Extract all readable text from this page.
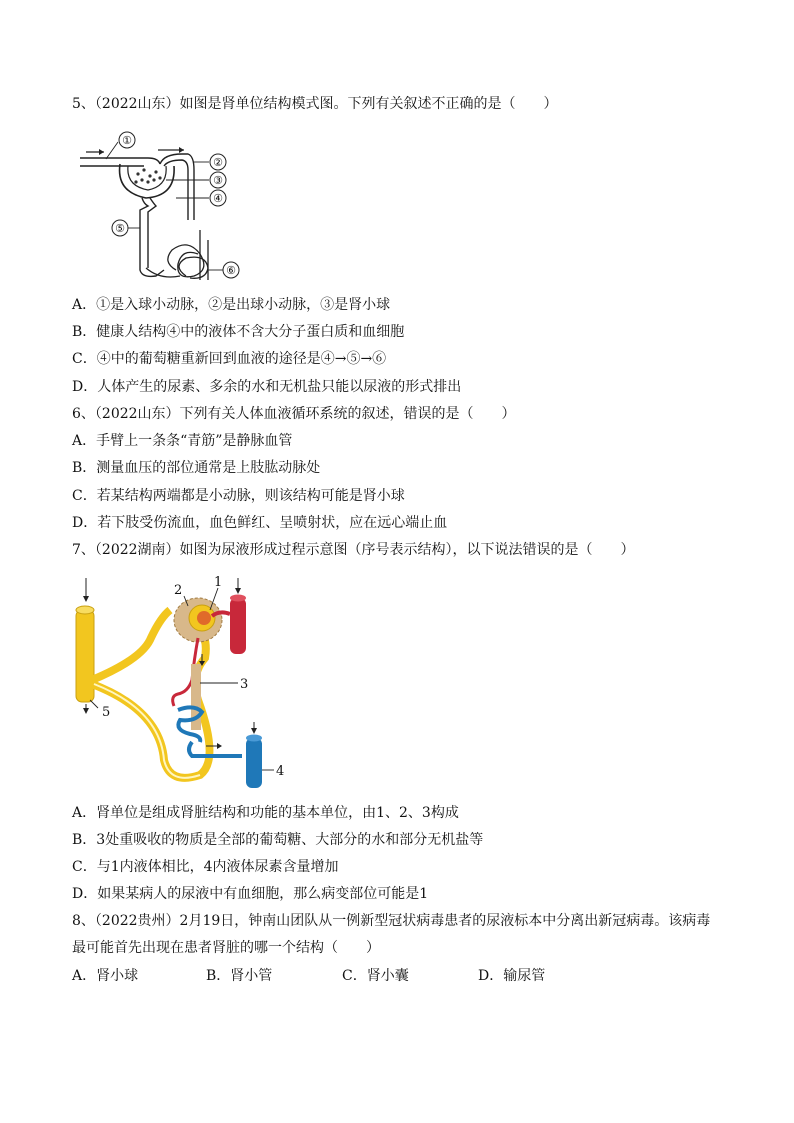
5、（2022山东）如图是肾单位结构模式图。下列有关叙述不正确的是（　　）
①
②
③
④
⑤
⑥
A．①是入球小动脉，②是出球小动脉，③是肾小球
B．健康人结构④中的液体不含大分子蛋白质和血细胞
C．④中的葡萄糖重新回到血液的途径是④→⑤→⑥
D．人体产生的尿素、多余的水和无机盐只能以尿液的形式排出
6、（2022山东）下列有关人体血液循环系统的叙述，错误的是（　　）
A．手臂上一条条“青筋”是静脉血管
B．测量血压的部位通常是上肢肱动脉处
C．若某结构两端都是小动脉，则该结构可能是肾小球
D．若下肢受伤流血，血色鲜红、呈喷射状，应在远心端止血
7、（2022湖南）如图为尿液形成过程示意图（序号表示结构），以下说法错误的是（　　）
2
1
3
4
5
A．肾单位是组成肾脏结构和功能的基本单位，由1、2、3构成
B．3处重吸收的物质是全部的葡萄糖、大部分的水和部分无机盐等
C．与1内液体相比，4内液体尿素含量增加
D．如果某病人的尿液中有血细胞，那么病变部位可能是1
8、（2022贵州）2月19日，钟南山团队从一例新型冠状病毒患者的尿液标本中分离出新冠病毒。该病毒
最可能首先出现在患者肾脏的哪一个结构（　　）
A．肾小球	B．肾小管	C．肾小囊	D．输尿管
